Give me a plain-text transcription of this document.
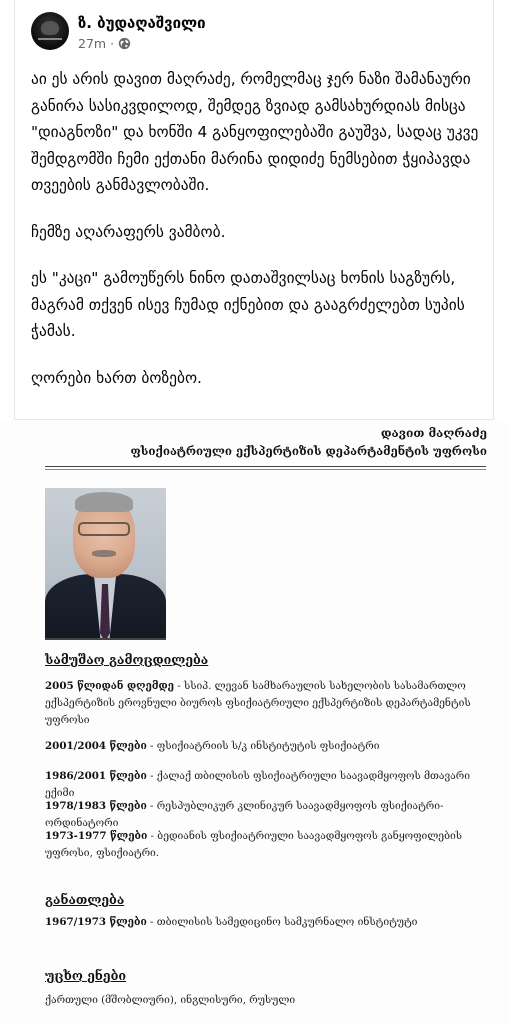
ზ. ბუდაღაშვილი
27m ·

აი ეს არის დავით მაღრაძე, რომელმაც ჯერ ნაზი შამანაური განირა სასიკვდილოდ, შემდეგ ზვიად გამსახურდიას მისცა "დიაგნოზი" და ხონში 4 განყოფილებაში გაუშვა, სადაც უკვე შემდგომში ჩემი ექთანი მარინა დიდიძე ნემსებით ჭყიპავდა თვეების განმავლობაში.

ჩემზე აღარაფერს ვამბობ.

ეს "კაცი" გამოუწერს ნინო დათაშვილსაც ხონის საგზურს, მაგრამ თქვენ ისევ ჩუმად იქნებით და გააგრძელებთ სუპის ჭამას.

ღორები ხართ ბოზებო.

დავით მაღრაძე
ფსიქიატრიული ექსპერტიზის დეპარტამენტის უფროსი
სამუშაო გამოცდილება
2005 წლიდან დღემდე - სსიპ. ლევან სამხარაულის სახელობის სასამართლო ექსპერტიზის ეროვნული ბიუროს ფსიქიატრიული ექსპერტიზის დეპარტამენტის უფროსი
2001/2004 წლები - ფსიქიატრიის ს/კ ინსტიტუტის ფსიქიატრი
1986/2001 წლები - ქალაქ თბილისის ფსიქიატრიული საავადმყოფოს მთავარი ექიმი
1978/1983 წლები - რესპუბლიკურ კლინიკურ საავადმყოფოს ფსიქიატრი-ორდინატორი
1973-1977 წლები - ბედიანის ფსიქიატრიული საავადმყოფოს განყოფილების უფროსი, ფსიქიატრი.
განათლება
1967/1973 წლები - თბილისის სამედიცინო სამკურნალო ინსტიტუტი
უცხო ენები
ქართული (მშობლიური), ინგლისური, რუსული
